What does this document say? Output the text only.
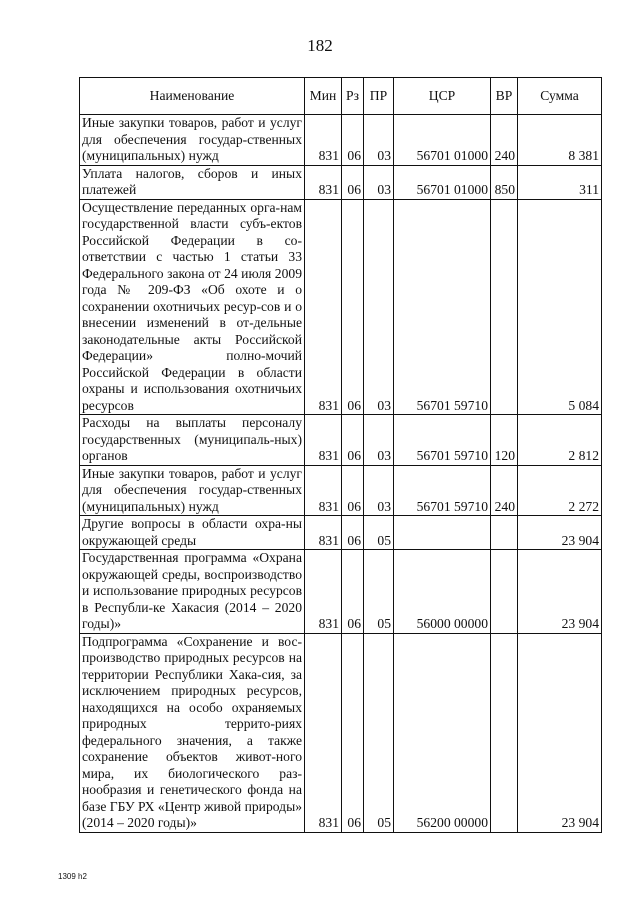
182
Наименование	Мин	Рз	ПР	ЦСР	ВР	Сумма
Иные закупки товаров, работ и услуг для обеспечения государ-ственных (муниципальных) нужд	831	06	03	56701 01000	240	8 381
Уплата налогов, сборов и иных платежей	831	06	03	56701 01000	850	311
Осуществление переданных орга-нам государственной власти субъ-ектов Российской Федерации в со-ответствии с частью 1 статьи 33 Федерального закона от 24 июля 2009 года № 209-ФЗ «Об охоте и о сохранении охотничьих ресур-сов и о внесении изменений в от-дельные законодательные акты Российской Федерации» полно-мочий Российской Федерации в области охраны и использования охотничьих ресурсов	831	06	03	56701 59710		5 084
Расходы на выплаты персоналу государственных (муниципаль-ных) органов	831	06	03	56701 59710	120	2 812
Иные закупки товаров, работ и услуг для обеспечения государ-ственных (муниципальных) нужд	831	06	03	56701 59710	240	2 272
Другие вопросы в области охра-ны окружающей среды	831	06	05			23 904
Государственная программа «Охрана окружающей среды, воспроизводство и использование природных ресурсов в Республи-ке Хакасия (2014 – 2020 годы)»	831	06	05	56000 00000		23 904
Подпрограмма «Сохранение и вос-производство природных ресурсов на территории Республики Хака-сия, за исключением природных ресурсов, находящихся на особо охраняемых природных террито-риях федерального значения, а также сохранение объектов живот-ного мира, их биологического раз-нообразия и генетического фонда на базе ГБУ РХ «Центр живой природы» (2014 – 2020 годы)»	831	06	05	56200 00000		23 904
1309 h2
